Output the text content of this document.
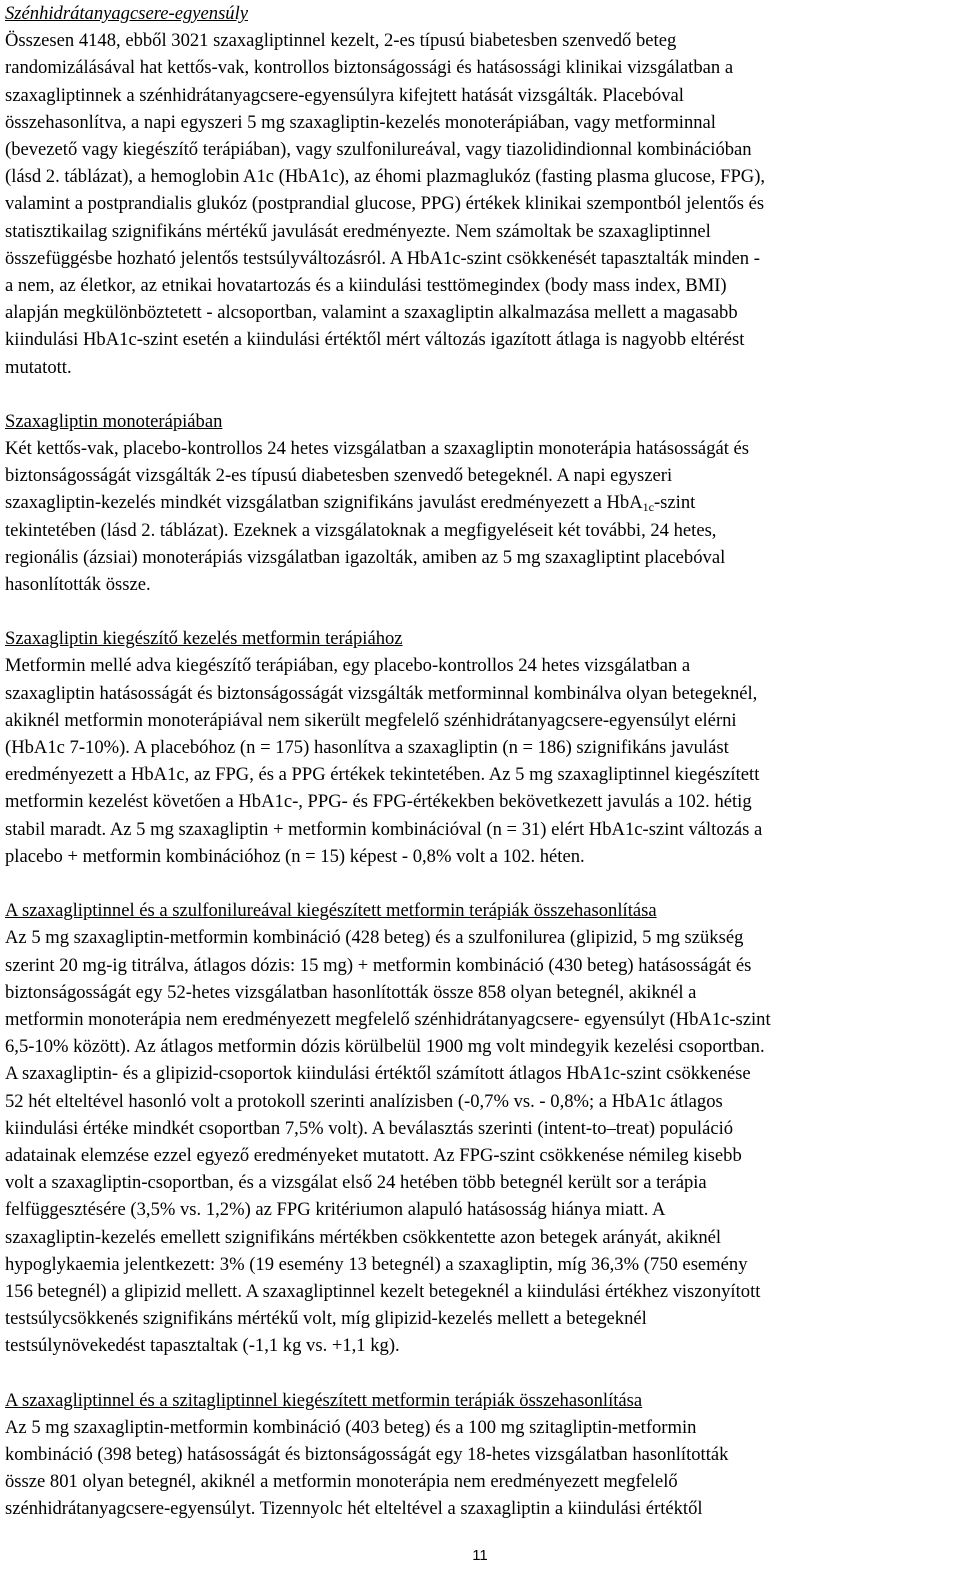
Szénhidrátanyagcsere-egyensúly

Összesen 4148, ebből 3021 szaxagliptinnel kezelt, 2-es típusú biabetesben szenvedő beteg
randomizálásával hat kettős-vak, kontrollos biztonságossági és hatásossági klinikai vizsgálatban a
szaxagliptinnek a szénhidrátanyagcsere-egyensúlyra kifejtett hatását vizsgálták. Placebóval
összehasonlítva, a napi egyszeri 5 mg szaxagliptin-kezelés monoterápiában, vagy metforminnal
(bevezető vagy kiegészítő terápiában), vagy szulfonilureával, vagy tiazolidindionnal kombinációban
(lásd 2. táblázat), a hemoglobin A1c (HbA1c), az éhomi plazmaglukóz (fasting plasma glucose, FPG),
valamint a postprandialis glukóz (postprandial glucose, PPG) értékek klinikai szempontból jelentős és
statisztikailag szignifikáns mértékű javulását eredményezte. Nem számoltak be szaxagliptinnel
összefüggésbe hozható jelentős testsúlyváltozásról. A HbA1c-szint csökkenését tapasztalták minden -
a nem, az életkor, az etnikai hovatartozás és a kiindulási testtömegindex (body mass index, BMI)
alapján megkülönböztetett - alcsoportban, valamint a szaxagliptin alkalmazása mellett a magasabb
kiindulási HbA1c-szint esetén a kiindulási értéktől mért változás igazított átlaga is nagyobb eltérést
mutatott.

Szaxagliptin monoterápiában

Két kettős-vak, placebo-kontrollos 24 hetes vizsgálatban a szaxagliptin monoterápia hatásosságát és
biztonságosságát vizsgálták 2-es típusú diabetesben szenvedő betegeknél. A napi egyszeri
szaxagliptin-kezelés mindkét vizsgálatban szignifikáns javulást eredményezett a HbA$_{1c}$-szint
tekintetében (lásd 2. táblázat). Ezeknek a vizsgálatoknak a megfigyeléseit két további, 24 hetes,
regionális (ázsiai) monoterápiás vizsgálatban igazolták, amiben az 5 mg szaxagliptint placebóval
hasonlították össze.

Szaxagliptin kiegészítő kezelés metformin terápiához

Metformin mellé adva kiegészítő terápiában, egy placebo-kontrollos 24 hetes vizsgálatban a
szaxagliptin hatásosságát és biztonságosságát vizsgálták metforminnal kombinálva olyan betegeknél,
akiknél metformin monoterápiával nem sikerült megfelelő szénhidrátanyagcsere-egyensúlyt elérni
(HbA1c 7-10%). A placebóhoz (n = 175) hasonlítva a szaxagliptin (n = 186) szignifikáns javulást
eredményezett a HbA1c, az FPG, és a PPG értékek tekintetében. Az 5 mg szaxagliptinnel kiegészített
metformin kezelést követően a HbA1c-, PPG- és FPG-értékekben bekövetkezett javulás a 102. hétig
stabil maradt. Az 5 mg szaxagliptin + metformin kombinációval (n = 31) elért HbA1c-szint változás a
placebo + metformin kombinációhoz (n = 15) képest - 0,8% volt a 102. héten.

A szaxagliptinnel és a szulfonilureával kiegészített metformin terápiák összehasonlítása

Az 5 mg szaxagliptin-metformin kombináció (428 beteg) és a szulfonilurea (glipizid, 5 mg szükség
szerint 20 mg-ig titrálva, átlagos dózis: 15 mg) + metformin kombináció (430 beteg) hatásosságát és
biztonságosságát egy 52-hetes vizsgálatban hasonlították össze 858 olyan betegnél, akiknél a
metformin monoterápia nem eredményezett megfelelő szénhidrátanyagcsere- egyensúlyt (HbA1c-szint
6,5-10% között). Az átlagos metformin dózis körülbelül 1900 mg volt mindegyik kezelési csoportban.
A szaxagliptin- és a glipizid-csoportok kiindulási értéktől számított átlagos HbA1c-szint csökkenése
52 hét elteltével hasonló volt a protokoll szerinti analízisben (-0,7% vs. - 0,8%; a HbA1c átlagos
kiindulási értéke mindkét csoportban 7,5% volt). A beválasztás szerinti (intent-to–treat) populáció
adatainak elemzése ezzel egyező eredményeket mutatott. Az FPG-szint csökkenése némileg kisebb
volt a szaxagliptin-csoportban, és a vizsgálat első 24 hetében több betegnél került sor a terápia
felfüggesztésére (3,5% vs. 1,2%) az FPG kritériumon alapuló hatásosság hiánya miatt. A
szaxagliptin-kezelés emellett szignifikáns mértékben csökkentette azon betegek arányát, akiknél
hypoglykaemia jelentkezett: 3% (19 esemény 13 betegnél) a szaxagliptin, míg 36,3% (750 esemény
156 betegnél) a glipizid mellett. A szaxagliptinnel kezelt betegeknél a kiindulási értékhez viszonyított
testsúlycsökkenés szignifikáns mértékű volt, míg glipizid-kezelés mellett a betegeknél
testsúlynövekedést tapasztaltak (-1,1 kg vs. +1,1 kg).

A szaxagliptinnel és a szitagliptinnel kiegészített metformin terápiák összehasonlítása

Az 5 mg szaxagliptin-metformin kombináció (403 beteg) és a 100 mg szitagliptin-metformin
kombináció (398 beteg) hatásosságát és biztonságosságát egy 18-hetes vizsgálatban hasonlították
össze 801 olyan betegnél, akiknél a metformin monoterápia nem eredményezett megfelelő
szénhidrátanyagcsere-egyensúlyt. Tizennyolc hét elteltével a szaxagliptin a kiindulási értéktől

11
